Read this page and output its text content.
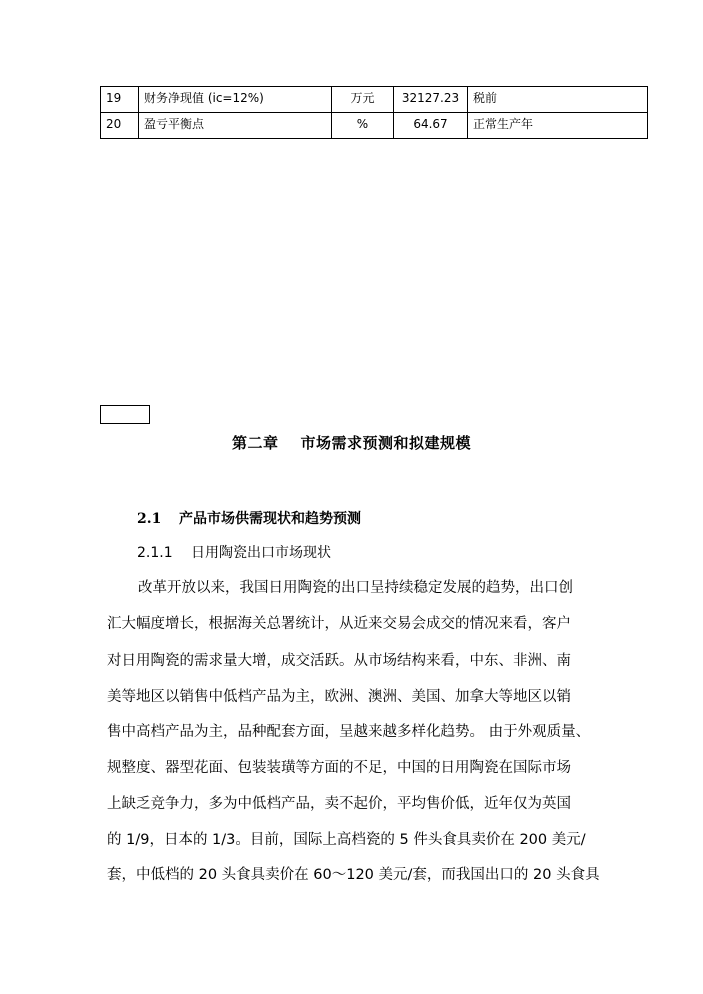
19	财务净现值 (ic=12%)	万元	32127.23	税前
20	盈亏平衡点	%	64.67	正常生产年
第二章 市场需求预测和拟建规模
2.1 产品市场供需现状和趋势预测
2.1.1 日用陶瓷出口市场现状
改革开放以来，我国日用陶瓷的出口呈持续稳定发展的趋势，出口创
汇大幅度增长，根据海关总署统计，从近来交易会成交的情况来看，客户
对日用陶瓷的需求量大增，成交活跃。从市场结构来看，中东、非洲、南
美等地区以销售中低档产品为主，欧洲、澳洲、美国、加拿大等地区以销
售中高档产品为主，品种配套方面，呈越来越多样化趋势。 由于外观质量、
规整度、器型花面、包装装璜等方面的不足，中国的日用陶瓷在国际市场
上缺乏竞争力，多为中低档产品，卖不起价，平均售价低，近年仅为英国
的 1/9，日本的 1/3。目前，国际上高档瓷的 5 件头食具卖价在 200 美元/
套，中低档的 20 头食具卖价在 60～120 美元/套，而我国出口的 20 头食具
